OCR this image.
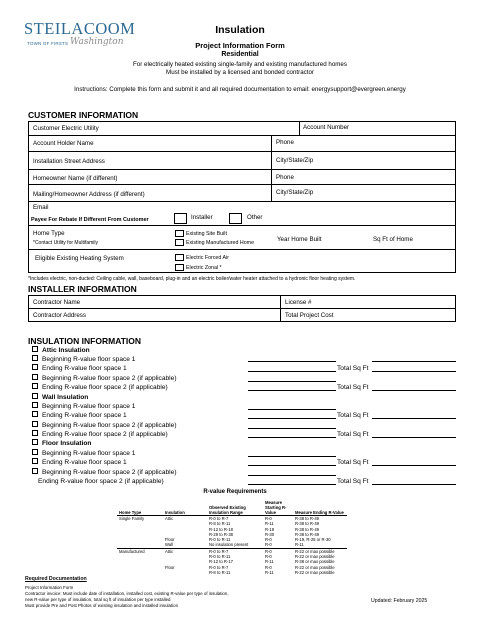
STEILACOOM
TOWN OF FIRSTS Washington
Insulation
Project Information Form
Residential
For electrically heated existing single-family and existing manufactured homes
Must be installed by a licensed and bonded contractor
Instructions: Complete this form and submit it and all required documentation to email: energysupport@evergreen.energy
CUSTOMER INFORMATION
Customer Electric Utility	Account Number
Account Holder Name	Phone
Installation Street Address	City/State/Zip
Homeowner Name (if different)	Phone
Mailing/Homeowner Address (if different)	City/State/Zip
Email
Payee For Rebate If Different From Customer	Installer	Other
Home Type
*Contact Utility for Multifamily
Existing Site Built
Existing Manufactured Home	Year Home Built	Sq Ft of Home
Eligible Existing Heating System	Electric Forced Air
Electric Zonal *
*Includes electric, non-ducted: Ceiling cable, wall, baseboard, plug-in and an electric boiler/water heater attached to a hydronic floor heating system.
INSTALLER INFORMATION
Contractor Name	License #
Contractor Address	Total Project Cost
INSULATION INFORMATION
Attic Insulation
Beginning R-value floor space 1
Ending R-value floor space 1	Total Sq Ft
Beginning R-value floor space 2 (if applicable)
Ending R-value floor space 2 (if applicable)	Total Sq Ft
Wall Insulation
Beginning R-value floor space 1
Ending R-value floor space 1	Total Sq Ft
Beginning R-value floor space 2 (if applicable)
Ending R-value floor space 2 (if applicable)	Total Sq Ft
Floor Insulation
Beginning R-value floor space 1
Ending R-value floor space 1	Total Sq Ft
Beginning R-value floor space 2 (if applicable)
Ending R-value floor space 2 (if applicable)	Total Sq Ft
R-value Requirements
Home Type	Insulation	Observed Existing Insulation Range	Measure Starting R-Value	Measure Ending R-Value
Single Family	Attic	R-0 to R-7	R-0	R-38 to R-49
		R-8 to R-11	R-11	R-38 to R-49
		R-12 to R-18	R-19	R-38 to R-49
		R-29 to R-38	R-30	R-38 to R-49
	Floor	R-0 to R-11	R-0	R-19, R-25 or R-30
	Wall	No insulation present	R-0	R-11
Manufactured	Attic	R-0 to R-7	R-0	R-22 or max possible
		R-0 to R-11	R-0	R-22 or max possible
		R-12 to R-17	R-11	R-38 or max possible
	Floor	R-0 to R-7	R-0	R-22 or max possible
		R-8 to R-11	R-11	R-22 or max possible
Required Documentation
Project Information Form
Contractor invoice: Must include date of installation, installed cost, existing R-value per type of insulation,
new R-value per type of insulation, total sq ft of insulation per type installed
Must provide Pre and Post Photos of existing insulation and installed insulation
Updated: February 2025
